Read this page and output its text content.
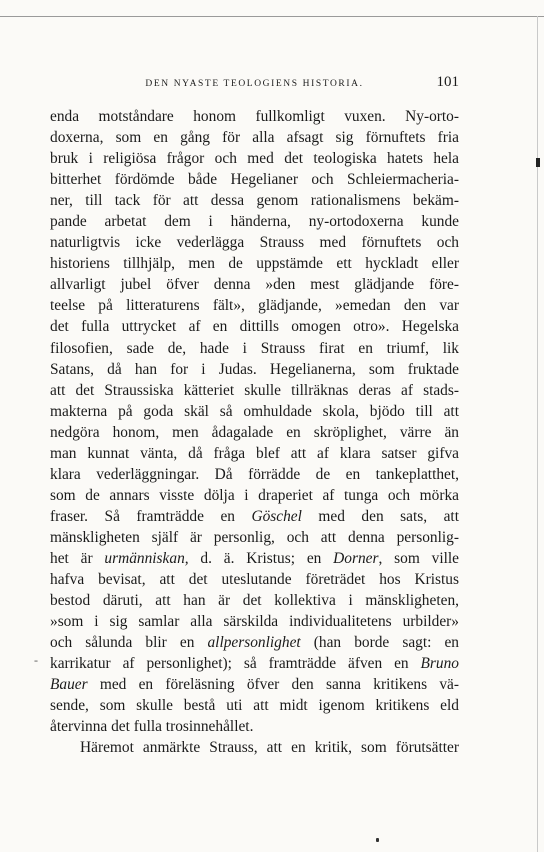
DEN NYASTE TEOLOGIENS HISTORIA.	101
-
enda motståndare honom fullkomligt vuxen. Ny-orto-
doxerna, som en gång för alla afsagt sig förnuftets fria
bruk i religiösa frågor och med det teologiska hatets hela
bitterhet fördömde både Hegelianer och Schleiermacheria-
ner, till tack för att dessa genom rationalismens bekäm-
pande arbetat dem i händerna, ny-ortodoxerna kunde
naturligtvis icke vederlägga Strauss med förnuftets och
historiens tillhjälp, men de uppstämde ett hyckladt eller
allvarligt jubel öfver denna »den mest glädjande före-
teelse på litteraturens fält», glädjande, »emedan den var
det fulla uttrycket af en dittills omogen otro». Hegelska
filosofien, sade de, hade i Strauss firat en triumf, lik
Satans, då han for i Judas. Hegelianerna, som fruktade
att det Straussiska kätteriet skulle tillräknas deras af stads-
makterna på goda skäl så omhuldade skola, bjödo till att
nedgöra honom, men ådagalade en skröplighet, värre än
man kunnat vänta, då fråga blef att af klara satser gifva
klara vederläggningar. Då förrädde de en tankeplatthet,
som de annars visste dölja i draperiet af tunga och mörka
fraser. Så framträdde en Göschel med den sats, att
mänskligheten själf är personlig, och att denna personlig-
het är urmänniskan, d. ä. Kristus; en Dorner, som ville
hafva bevisat, att det uteslutande företrädet hos Kristus
bestod däruti, att han är det kollektiva i mänskligheten,
»som i sig samlar alla särskilda individualitetens urbilder»
och sålunda blir en allpersonlighet (han borde sagt: en
karrikatur af personlighet); så framträdde äfven en Bruno
Bauer med en föreläsning öfver den sanna kritikens vä-
sende, som skulle bestå uti att midt igenom kritikens eld
återvinna det fulla trosinnehållet.
Häremot anmärkte Strauss, att en kritik, som förutsätter
